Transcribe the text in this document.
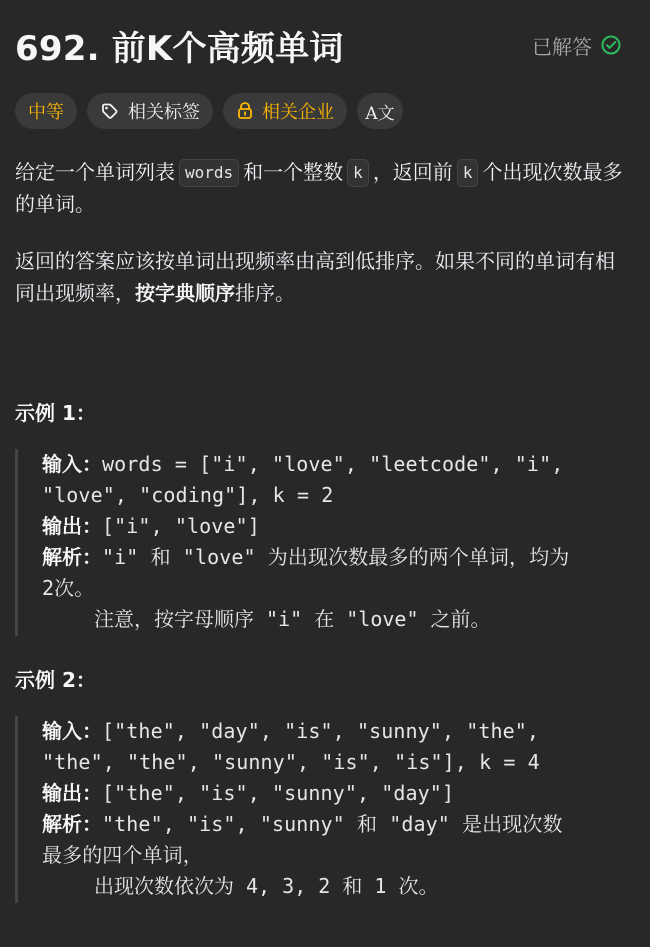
692. 前K个高频单词	已解答
中等	相关标签	相关企业 A文
给定一个单词列表 words 和一个整数 k ，返回前 k 个出现次数最多的单词。
返回的答案应该按单词出现频率由高到低排序。如果不同的单词有相同出现频率，按字典顺序排序。
示例 1：
输入：words = ["i", "love", "leetcode", "i",
"love", "coding"], k = 2
输出：["i", "love"]
解析："i" 和 "love" 为出现次数最多的两个单词，均为
2次。
注意，按字母顺序 "i" 在 "love" 之前。
示例 2：
输入：["the", "day", "is", "sunny", "the",
"the", "the", "sunny", "is", "is"], k = 4
输出：["the", "is", "sunny", "day"]
解析："the", "is", "sunny" 和 "day" 是出现次数
最多的四个单词，
出现次数依次为 4, 3, 2 和 1 次。
